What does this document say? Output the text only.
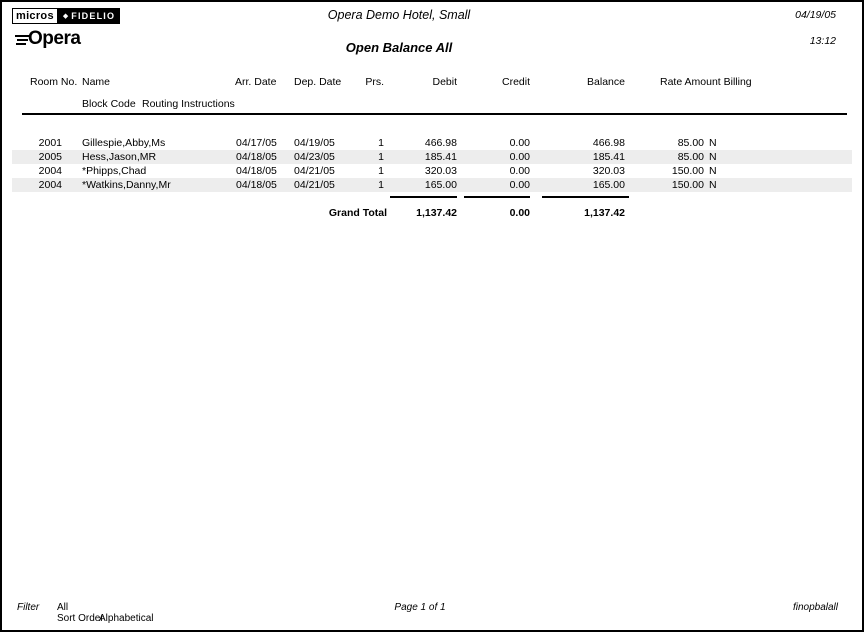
micros	◆ FIDELIO
Opera
Opera Demo Hotel, Small
Open Balance All
04/19/05
13:12
Room No. Name	Arr. Date Dep. Date	Prs.	Debit	Credit	Balance	Rate Amount Billing
Block Code Routing Instructions
2001 Gillespie,Abby,Ms	04/17/05 04/19/05	1	466.98	0.00	466.98	85.00 N
2005 Hess,Jason,MR	04/18/05 04/23/05	1	185.41	0.00	185.41	85.00 N
2004 *Phipps,Chad	04/18/05 04/21/05	1	320.03	0.00	320.03	150.00 N
2004 *Watkins,Danny,Mr	04/18/05 04/21/05	1	165.00	0.00	165.00	150.00 N
Grand Total	1,137.42	0.00	1,137.42
Filter All
Sort Order
Alphabetical
Page 1 of 1	finopbalall
